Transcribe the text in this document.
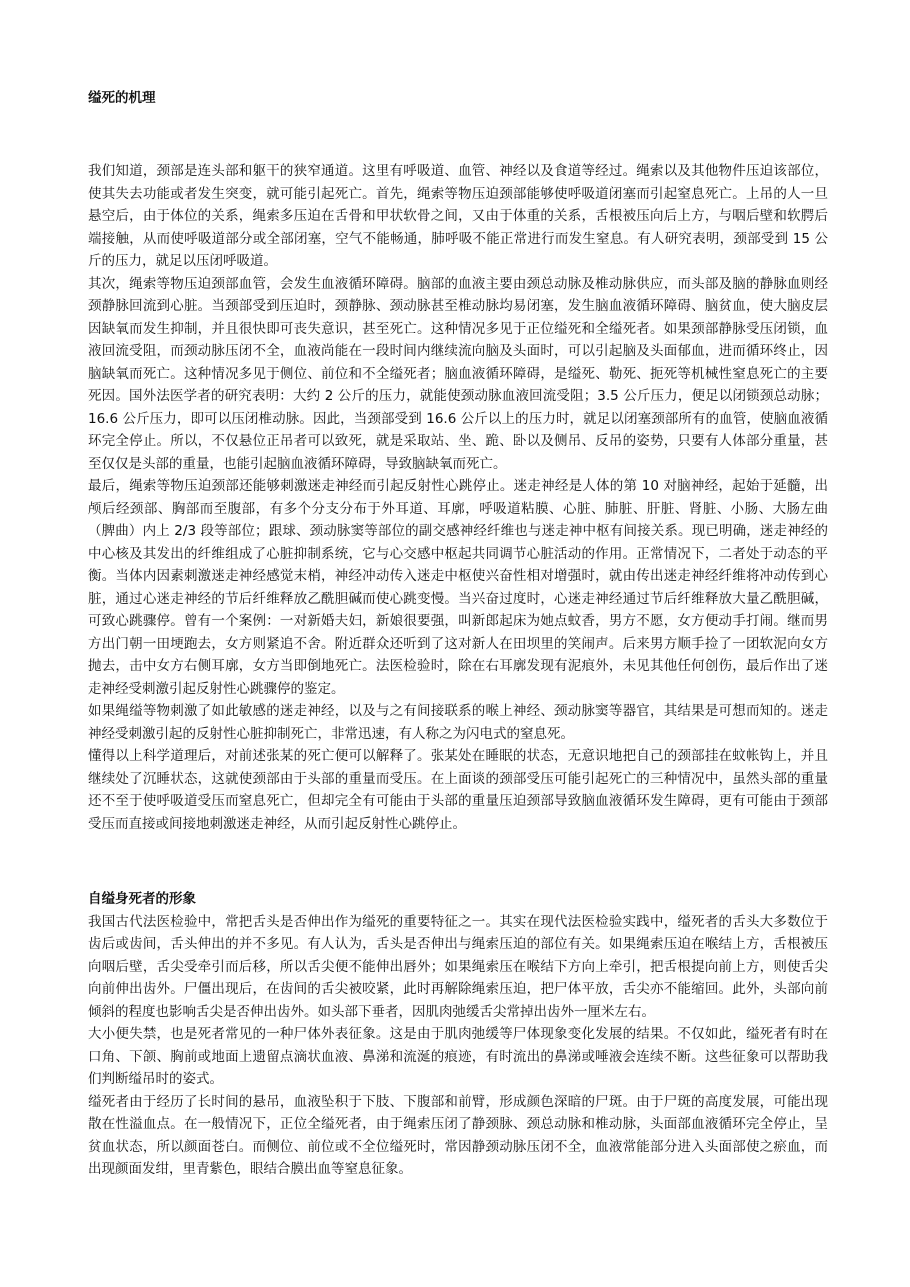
缢死的机理

我们知道，颈部是连头部和躯干的狭窄通道。这里有呼吸道、血管、神经以及食道等经过。绳索以及其他物件压迫该部位，使其失去功能或者发生突变，就可能引起死亡。首先，绳索等物压迫颈部能够使呼吸道闭塞而引起窒息死亡。上吊的人一旦悬空后，由于体位的关系，绳索多压迫在舌骨和甲状软骨之间，又由于体重的关系，舌根被压向后上方，与咽后壁和软腭后端接触，从而使呼吸道部分或全部闭塞，空气不能畅通，肺呼吸不能正常进行而发生窒息。有人研究表明，颈部受到 15 公斤的压力，就足以压闭呼吸道。

其次，绳索等物压迫颈部血管，会发生血液循环障碍。脑部的血液主要由颈总动脉及椎动脉供应，而头部及脑的静脉血则经颈静脉回流到心脏。当颈部受到压迫时，颈静脉、颈动脉甚至椎动脉均易闭塞，发生脑血液循环障碍、脑贫血，使大脑皮层因缺氧而发生抑制，并且很快即可丧失意识，甚至死亡。这种情况多见于正位缢死和全缢死者。如果颈部静脉受压闭锁，血液回流受阻，而颈动脉压闭不全，血液尚能在一段时间内继续流向脑及头面时，可以引起脑及头面郁血，进而循环终止，因脑缺氧而死亡。这种情况多见于侧位、前位和不全缢死者；脑血液循环障碍，是缢死、勒死、扼死等机械性窒息死亡的主要死因。国外法医学者的研究表明：大约 2 公斤的压力，就能使颈动脉血液回流受阻；3.5 公斤压力，便足以闭锁颈总动脉；16.6 公斤压力，即可以压闭椎动脉。因此，当颈部受到 16.6 公斤以上的压力时，就足以闭塞颈部所有的血管，使脑血液循环完全停止。所以，不仅悬位正吊者可以致死，就是采取站、坐、跪、卧以及侧吊、反吊的姿势，只要有人体部分重量，甚至仅仅是头部的重量，也能引起脑血液循环障碍，导致脑缺氧而死亡。

最后，绳索等物压迫颈部还能够刺激迷走神经而引起反射性心跳停止。迷走神经是人体的第 10 对脑神经，起始于延髓，出颅后经颈部、胸部而至腹部，有多个分支分布于外耳道、耳廓，呼吸道粘膜、心脏、肺脏、肝脏、肾脏、小肠、大肠左曲（脾曲）内上 2/3 段等部位；跟球、颈动脉窦等部位的副交感神经纤维也与迷走神中枢有间接关系。现已明确，迷走神经的中心核及其发出的纤维组成了心脏抑制系统，它与心交感中枢起共同调节心脏活动的作用。正常情况下，二者处于动态的平衡。当体内因素刺激迷走神经感觉末梢，神经冲动传入迷走中枢使兴奋性相对增强时，就由传出迷走神经纤维将冲动传到心脏，通过心迷走神经的节后纤维释放乙酰胆碱而使心跳变慢。当兴奋过度时，心迷走神经通过节后纤维释放大量乙酰胆碱，可致心跳骤停。曾有一个案例：一对新婚夫妇，新娘很要强，叫新郎起床为她点蚊香，男方不愿，女方便动手打闹。继而男方出门朝一田埂跑去，女方则紧追不舍。附近群众还听到了这对新人在田坝里的笑闹声。后来男方顺手捡了一团软泥向女方抛去，击中女方右侧耳廓，女方当即倒地死亡。法医检验时，除在右耳廓发现有泥痕外，未见其他任何创伤，最后作出了迷走神经受刺激引起反射性心跳骤停的鉴定。

如果绳缢等物刺激了如此敏感的迷走神经，以及与之有间接联系的喉上神经、颈动脉窦等器官，其结果是可想而知的。迷走神经受刺激引起的反射性心脏抑制死亡，非常迅速，有人称之为闪电式的窒息死。

懂得以上科学道理后，对前述张某的死亡便可以解释了。张某处在睡眠的状态，无意识地把自己的颈部挂在蚊帐钩上，并且继续处了沉睡状态，这就使颈部由于头部的重量而受压。在上面谈的颈部受压可能引起死亡的三种情况中，虽然头部的重量还不至于使呼吸道受压而窒息死亡，但却完全有可能由于头部的重量压迫颈部导致脑血液循环发生障碍，更有可能由于颈部受压而直接或间接地刺激迷走神经，从而引起反射性心跳停止。

自缢身死者的形象

我国古代法医检验中，常把舌头是否伸出作为缢死的重要特征之一。其实在现代法医检验实践中，缢死者的舌头大多数位于齿后或齿间，舌头伸出的并不多见。有人认为，舌头是否伸出与绳索压迫的部位有关。如果绳索压迫在喉结上方，舌根被压向咽后壁，舌尖受牵引而后移，所以舌尖便不能伸出唇外；如果绳索压在喉结下方向上牵引，把舌根提向前上方，则使舌尖向前伸出齿外。尸僵出现后，在齿间的舌尖被咬紧，此时再解除绳索压迫，把尸体平放，舌尖亦不能缩回。此外，头部向前倾斜的程度也影响舌尖是否伸出齿外。如头部下垂者，因肌肉弛缓舌尖常掉出齿外一厘米左右。

大小便失禁，也是死者常见的一种尸体外表征象。这是由于肌肉弛缓等尸体现象变化发展的结果。不仅如此，缢死者有时在口角、下颌、胸前或地面上遗留点滴状血液、鼻涕和流涎的痕迹，有时流出的鼻涕或唾液会连续不断。这些征象可以帮助我们判断缢吊时的姿式。

缢死者由于经历了长时间的悬吊，血液坠积于下肢、下腹部和前臂，形成颜色深暗的尸斑。由于尸斑的高度发展，可能出现散在性溢血点。在一般情况下，正位全缢死者，由于绳索压闭了静颈脉、颈总动脉和椎动脉，头面部血液循环完全停止，呈贫血状态，所以颜面苍白。而侧位、前位或不全位缢死时，常因静颈动脉压闭不全，血液常能部分进入头面部使之瘀血，而出现颜面发绀，里青紫色，眼结合膜出血等窒息征象。
